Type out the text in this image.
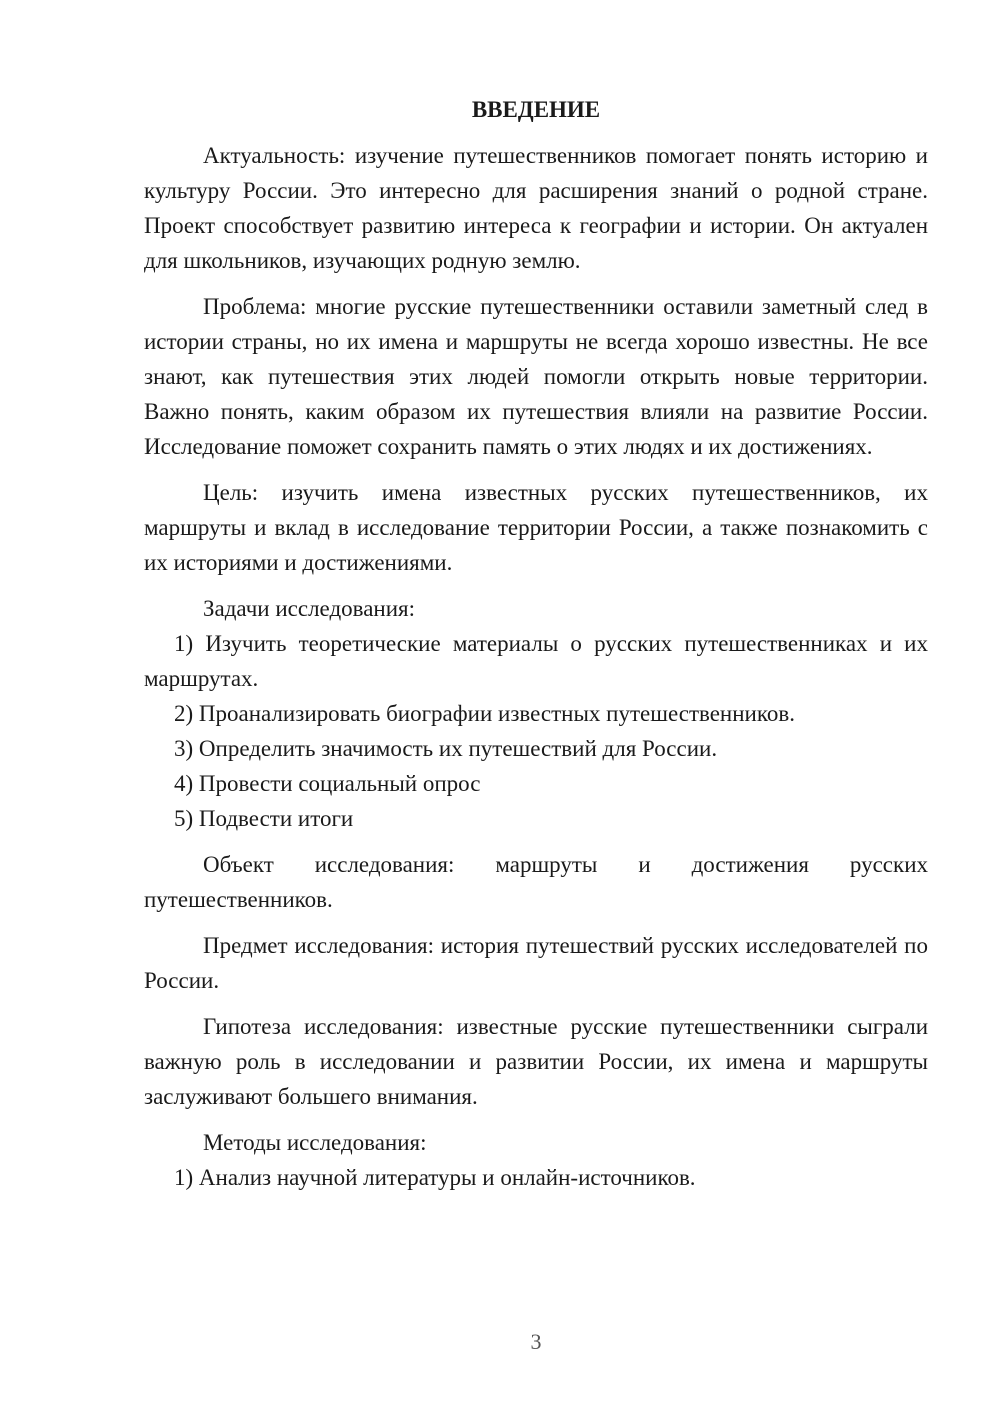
ВВЕДЕНИЕ

Актуальность: изучение путешественников помогает понять историю и культуру России. Это интересно для расширения знаний о родной стране. Проект способствует развитию интереса к географии и истории. Он актуален для школьников, изучающих родную землю.

Проблема: многие русские путешественники оставили заметный след в истории страны, но их имена и маршруты не всегда хорошо известны. Не все знают, как путешествия этих людей помогли открыть новые территории. Важно понять, каким образом их путешествия влияли на развитие России. Исследование поможет сохранить память о этих людях и их достижениях.

Цель: изучить имена известных русских путешественников, их маршруты и вклад в исследование территории России, а также познакомить с их историями и достижениями.

Задачи исследования:

1) Изучить теоретические материалы о русских путешественниках и их маршрутах.

2) Проанализировать биографии известных путешественников.

3) Определить значимость их путешествий для России.

4) Провести социальный опрос

5) Подвести итоги

Объект исследования: маршруты и достижения русских путешественников.

Предмет исследования: история путешествий русских исследователей по России.

Гипотеза исследования: известные русские путешественники сыграли важную роль в исследовании и развитии России, их имена и маршруты заслуживают большего внимания.

Методы исследования:

1) Анализ научной литературы и онлайн-источников.

3
